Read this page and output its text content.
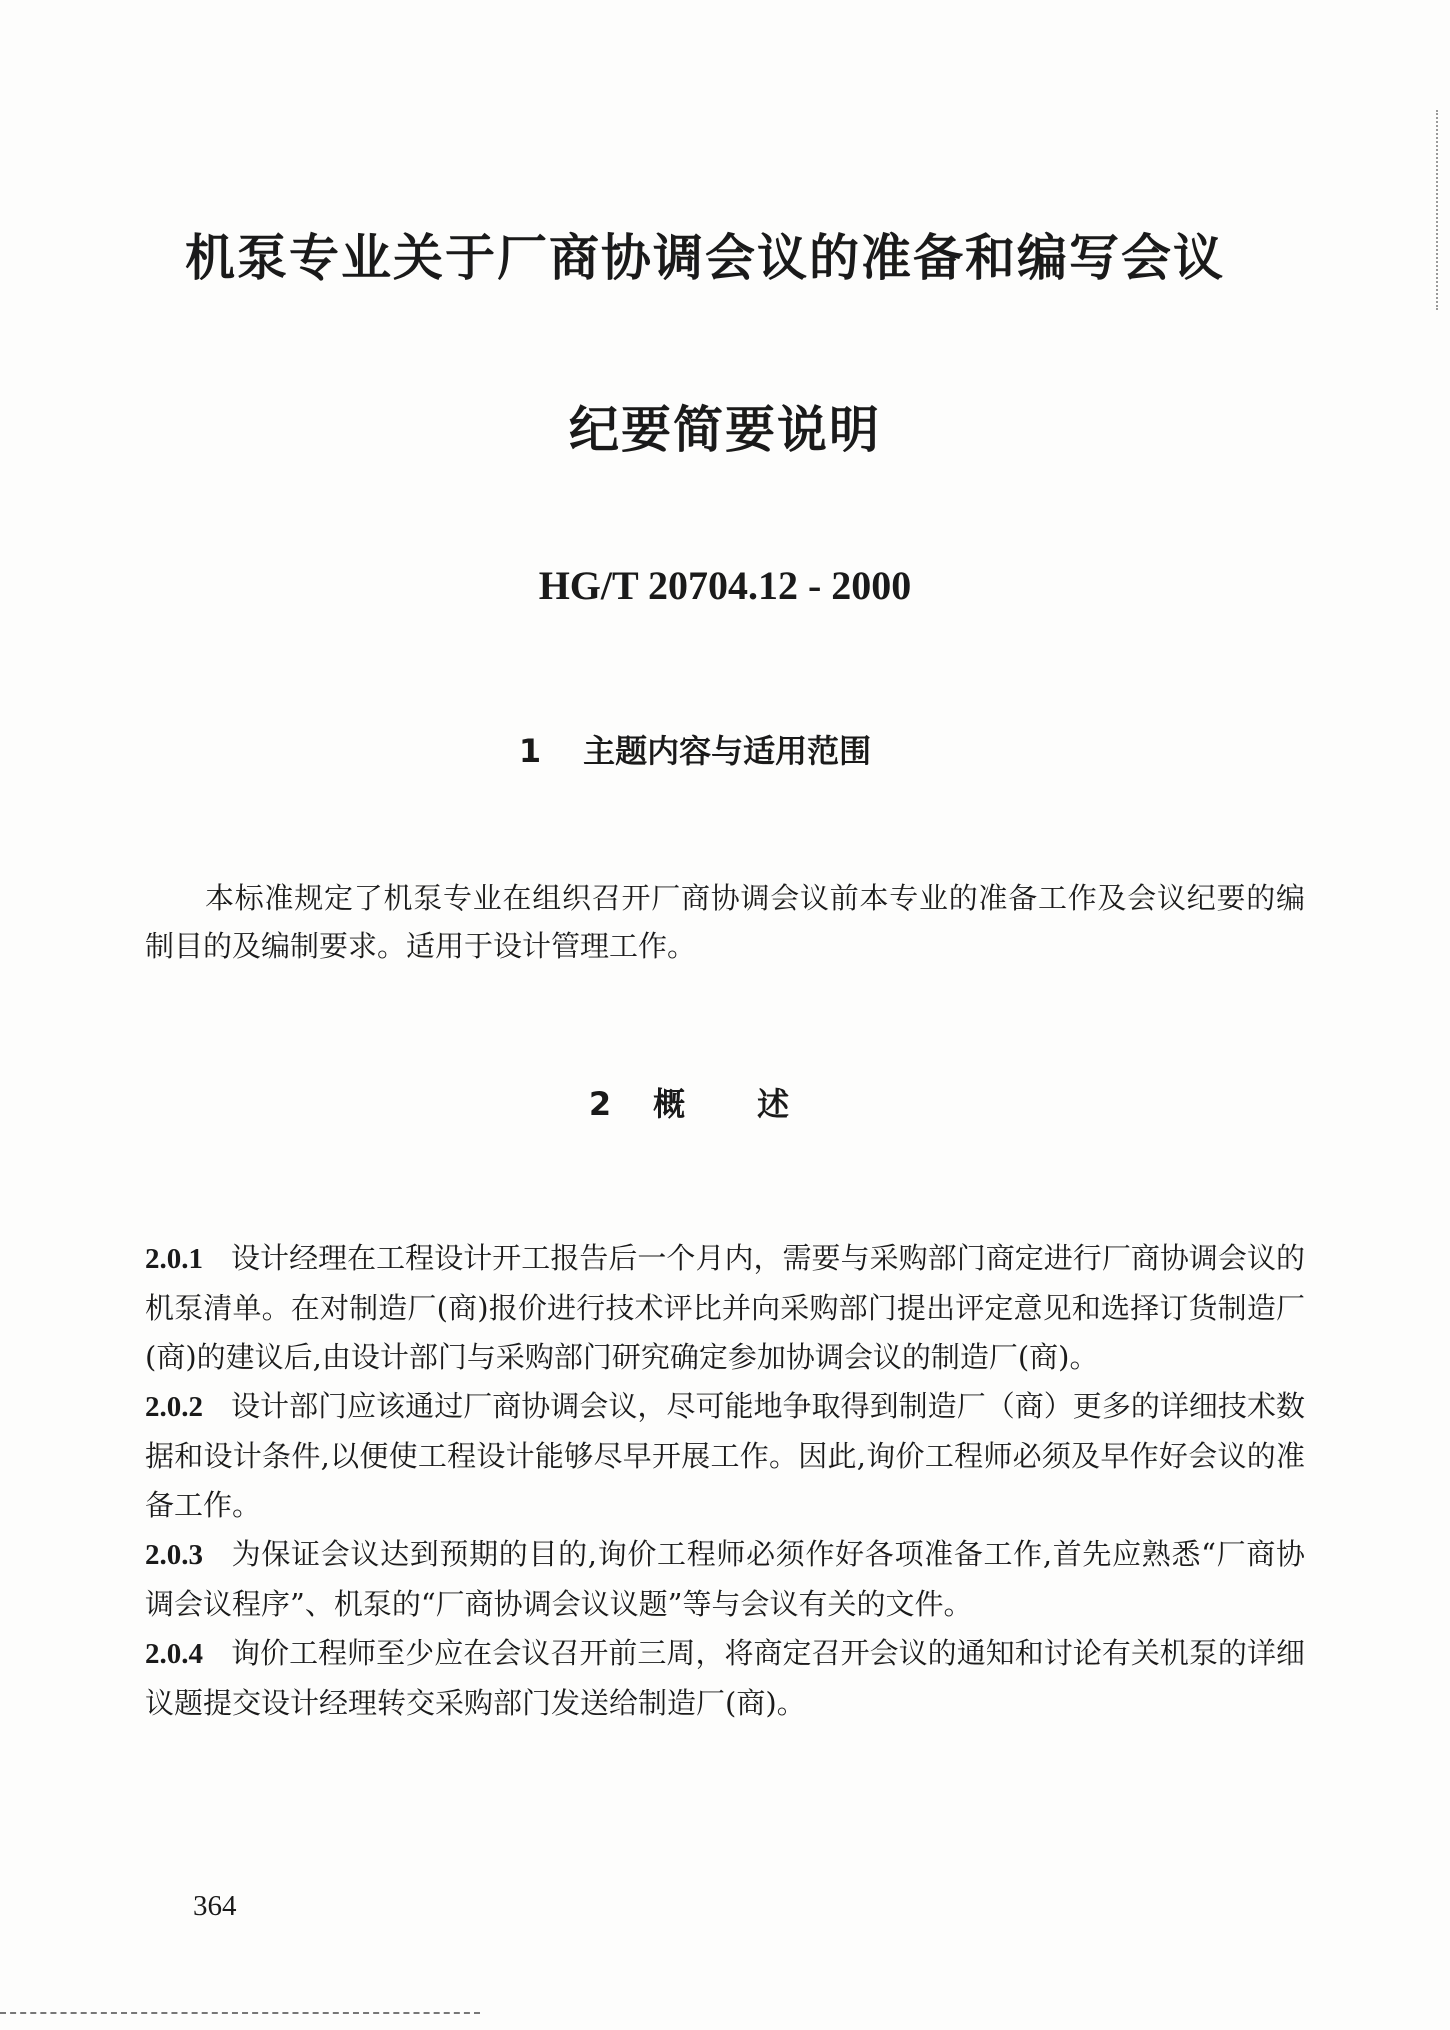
机泵专业关于厂商协调会议的准备和编写会议
纪要简要说明
HG/T 20704.12 - 2000
1 主题内容与适用范围

本标准规定了机泵专业在组织召开厂商协调会议前本专业的准备工作及会议纪要的编制目的及编制要求。适用于设计管理工作。

2 概述

2.0.1 设计经理在工程设计开工报告后一个月内，需要与采购部门商定进行厂商协调会议的机泵清单。在对制造厂(商)报价进行技术评比并向采购部门提出评定意见和选择订货制造厂(商)的建议后,由设计部门与采购部门研究确定参加协调会议的制造厂(商)。

2.0.2 设计部门应该通过厂商协调会议，尽可能地争取得到制造厂（商）更多的详细技术数据和设计条件,以便使工程设计能够尽早开展工作。因此,询价工程师必须及早作好会议的准备工作。

2.0.3 为保证会议达到预期的目的,询价工程师必须作好各项准备工作,首先应熟悉“厂商协调会议程序”、机泵的“厂商协调会议议题”等与会议有关的文件。

2.0.4 询价工程师至少应在会议召开前三周，将商定召开会议的通知和讨论有关机泵的详细议题提交设计经理转交采购部门发送给制造厂(商)。

364
